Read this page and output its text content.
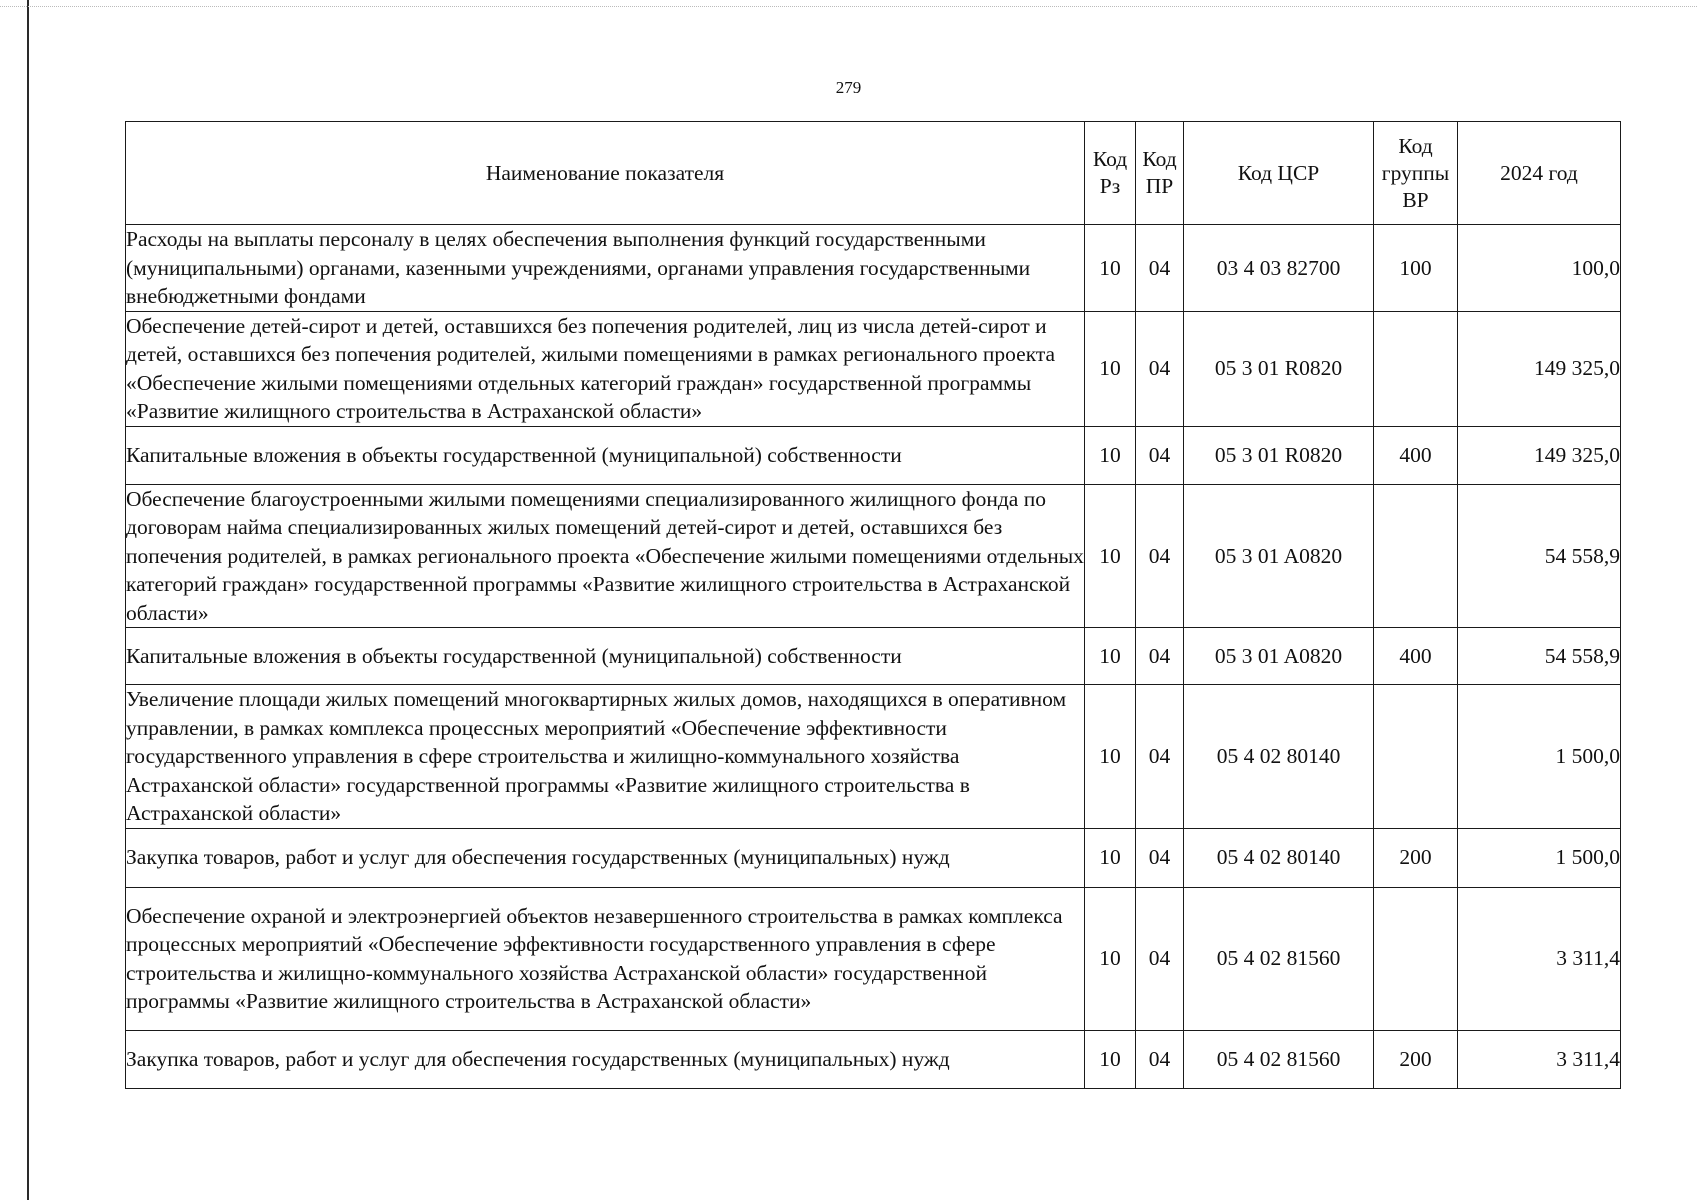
279
Наименование показателя	Код Рз	Код ПР	Код ЦСР	Код группы ВР	2024 год
Расходы на выплаты персоналу в целях обеспечения выполнения функций государственными (муниципальными) органами, казенными учреждениями, органами управления государственными внебюджетными фондами	10	04	03 4 03 82700	100	100,0
Обеспечение детей-сирот и детей, оставшихся без попечения родителей, лиц из числа детей-сирот и детей, оставшихся без попечения родителей, жилыми помещениями в рамках регионального проекта «Обеспечение жилыми помещениями отдельных категорий граждан» государственной программы «Развитие жилищного строительства в Астраханской области»	10	04	05 3 01 R0820		149 325,0
Капитальные вложения в объекты государственной (муниципальной) собственности	10	04	05 3 01 R0820	400	149 325,0
Обеспечение благоустроенными жилыми помещениями специализированного жилищного фонда по договорам найма специализированных жилых помещений детей-сирот и детей, оставшихся без попечения родителей, в рамках регионального проекта «Обеспечение жилыми помещениями отдельных категорий граждан» государственной программы «Развитие жилищного строительства в Астраханской области»	10	04	05 3 01 A0820		54 558,9
Капитальные вложения в объекты государственной (муниципальной) собственности	10	04	05 3 01 A0820	400	54 558,9
Увеличение площади жилых помещений многоквартирных жилых домов, находящихся в оперативном управлении, в рамках комплекса процессных мероприятий «Обеспечение эффективности государственного управления в сфере строительства и жилищно-коммунального хозяйства Астраханской области» государственной программы «Развитие жилищного строительства в Астраханской области»	10	04	05 4 02 80140		1 500,0
Закупка товаров, работ и услуг для обеспечения государственных (муниципальных) нужд	10	04	05 4 02 80140	200	1 500,0
Обеспечение охраной и электроэнергией объектов незавершенного строительства в рамках комплекса процессных мероприятий «Обеспечение эффективности государственного управления в сфере строительства и жилищно-коммунального хозяйства Астраханской области» государственной программы «Развитие жилищного строительства в Астраханской области»	10	04	05 4 02 81560		3 311,4
Закупка товаров, работ и услуг для обеспечения государственных (муниципальных) нужд	10	04	05 4 02 81560	200	3 311,4
